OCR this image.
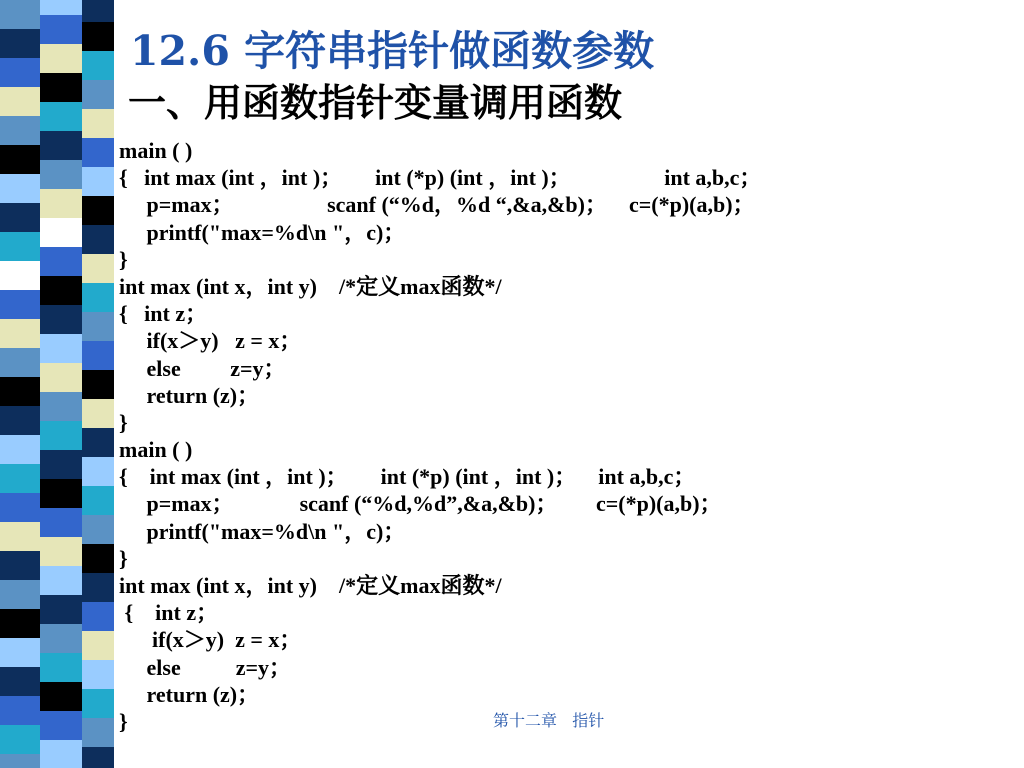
12.6 字符串指针做函数参数
一、用函数指针变量调用函数
main ( )
{   int max (int ，int )；      int (*p) (int ，int )；                 int a,b,c；
p=max；                 scanf (“%d，%d “,&a,&b)；    c=(*p)(a,b)；
printf("max=%d\n "，c)；
}
int max (int x，int y)    /*定义max函数*/
{   int z；
if(x＞y)   z = x；
else         z=y；
return (z)；
}
main ( )
{    int max (int ，int )；      int (*p) (int ，int )；    int a,b,c；
p=max；            scanf (“%d,%d”,&a,&b)；       c=(*p)(a,b)；
printf("max=%d\n "，c)；
}
int max (int x，int y)    /*定义max函数*/
{    int z；
if(x＞y)  z = x；
else          z=y；
return (z)；
}	第十二章   指针
